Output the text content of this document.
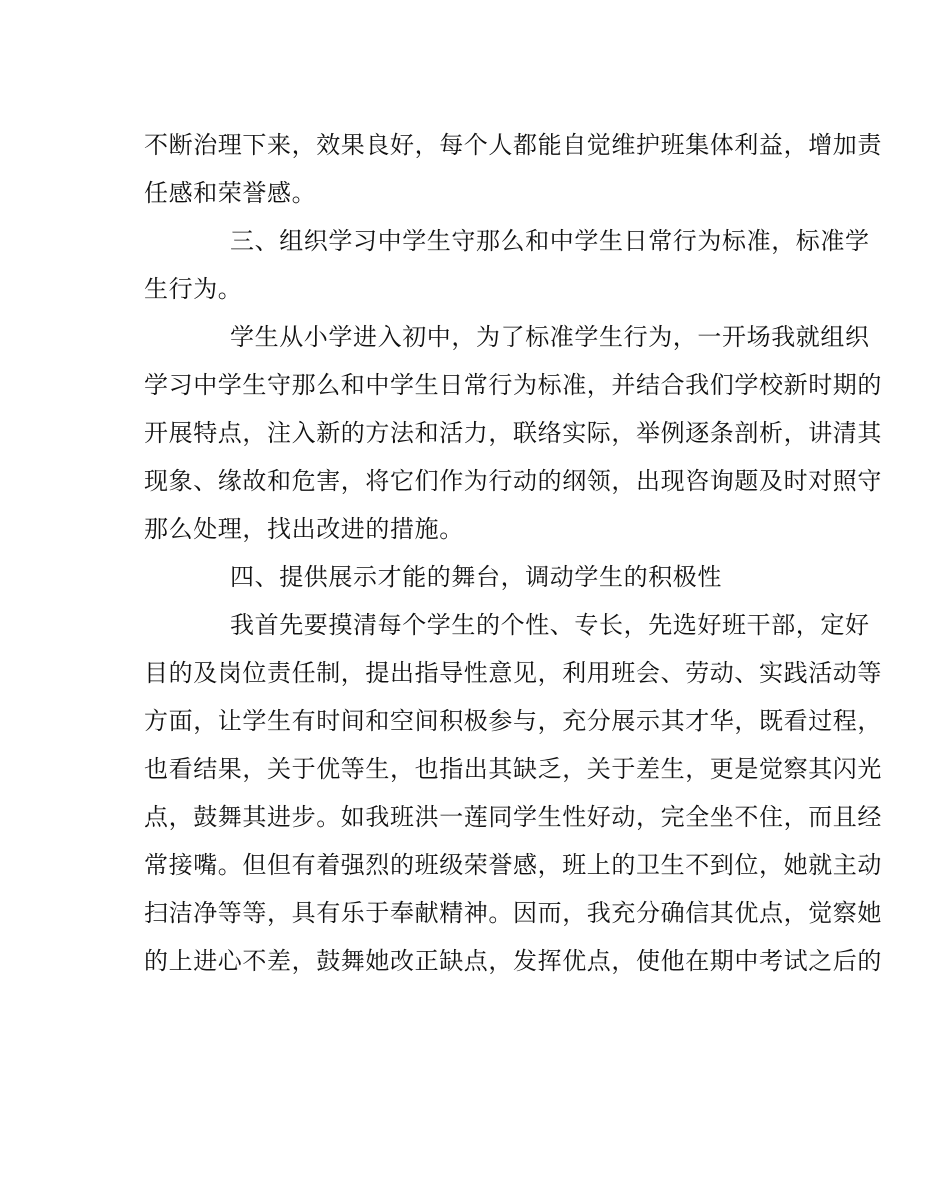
不断治理下来，效果良好，每个人都能自觉维护班集体利益，增加责
任感和荣誉感。
三、组织学习中学生守那么和中学生日常行为标准，标准学
生行为。
学生从小学进入初中，为了标准学生行为，一开场我就组织
学习中学生守那么和中学生日常行为标准，并结合我们学校新时期的
开展特点，注入新的方法和活力，联络实际，举例逐条剖析，讲清其
现象、缘故和危害，将它们作为行动的纲领，出现咨询题及时对照守
那么处理，找出改进的措施。
四、提供展示才能的舞台，调动学生的积极性
我首先要摸清每个学生的个性、专长，先选好班干部，定好
目的及岗位责任制，提出指导性意见，利用班会、劳动、实践活动等
方面，让学生有时间和空间积极参与，充分展示其才华，既看过程，
也看结果，关于优等生，也指出其缺乏，关于差生，更是觉察其闪光
点，鼓舞其进步。如我班洪一莲同学生性好动，完全坐不住，而且经
常接嘴。但但有着强烈的班级荣誉感，班上的卫生不到位，她就主动
扫洁净等等，具有乐于奉献精神。因而，我充分确信其优点，觉察她
的上进心不差，鼓舞她改正缺点，发挥优点，使他在期中考试之后的
